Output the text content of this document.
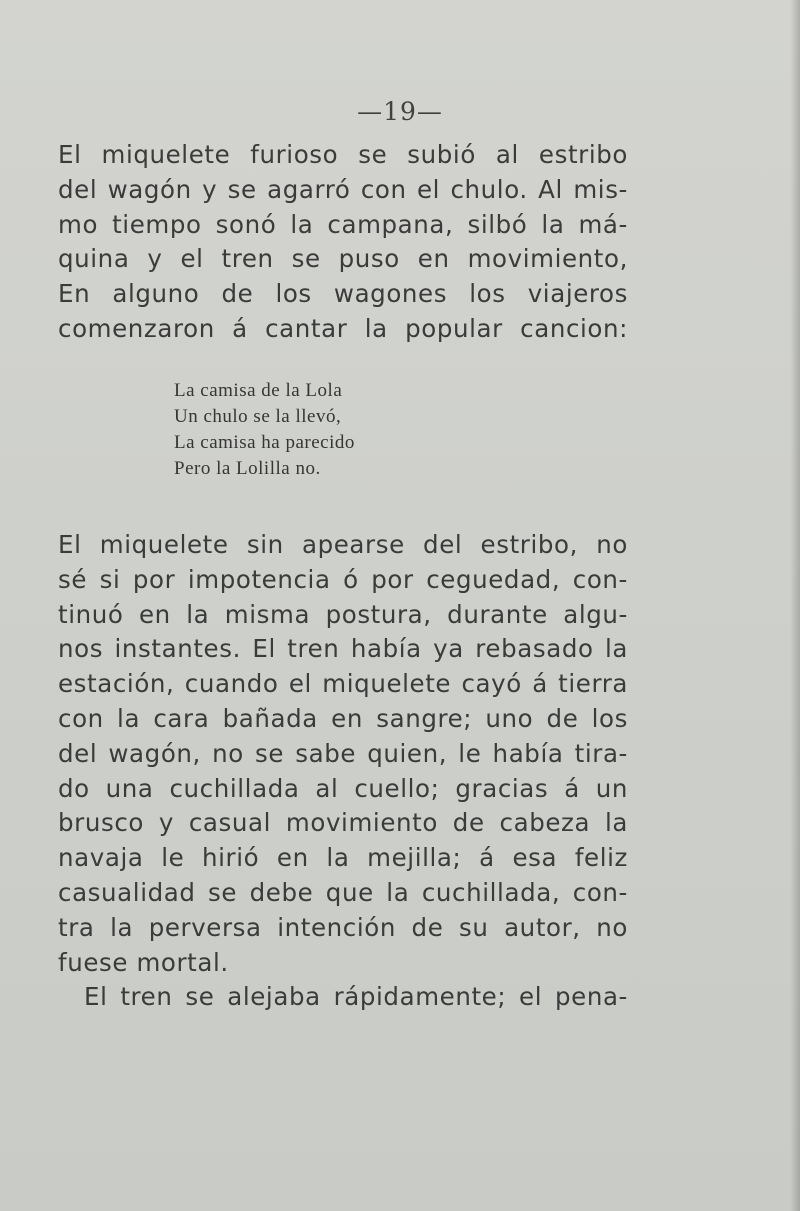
—19—
El miquelete furioso se subió al estribo
del wagón y se agarró con el chulo. Al mis-
mo tiempo sonó la campana, silbó la má-
quina y el tren se puso en movimiento,
En alguno de los wagones los viajeros
comenzaron á cantar la popular cancion:
La camisa de la Lola
Un chulo se la llevó,
La camisa ha parecido
Pero la Lolilla no.
El miquelete sin apearse del estribo, no
sé si por impotencia ó por ceguedad, con-
tinuó en la misma postura, durante algu-
nos instantes. El tren había ya rebasado la
estación, cuando el miquelete cayó á tierra
con la cara bañada en sangre; uno de los
del wagón, no se sabe quien, le había tira-
do una cuchillada al cuello; gracias á un
brusco y casual movimiento de cabeza la
navaja le hirió en la mejilla; á esa feliz
casualidad se debe que la cuchillada, con-
tra la perversa intención de su autor, no
fuese mortal.
El tren se alejaba rápidamente; el pena-
